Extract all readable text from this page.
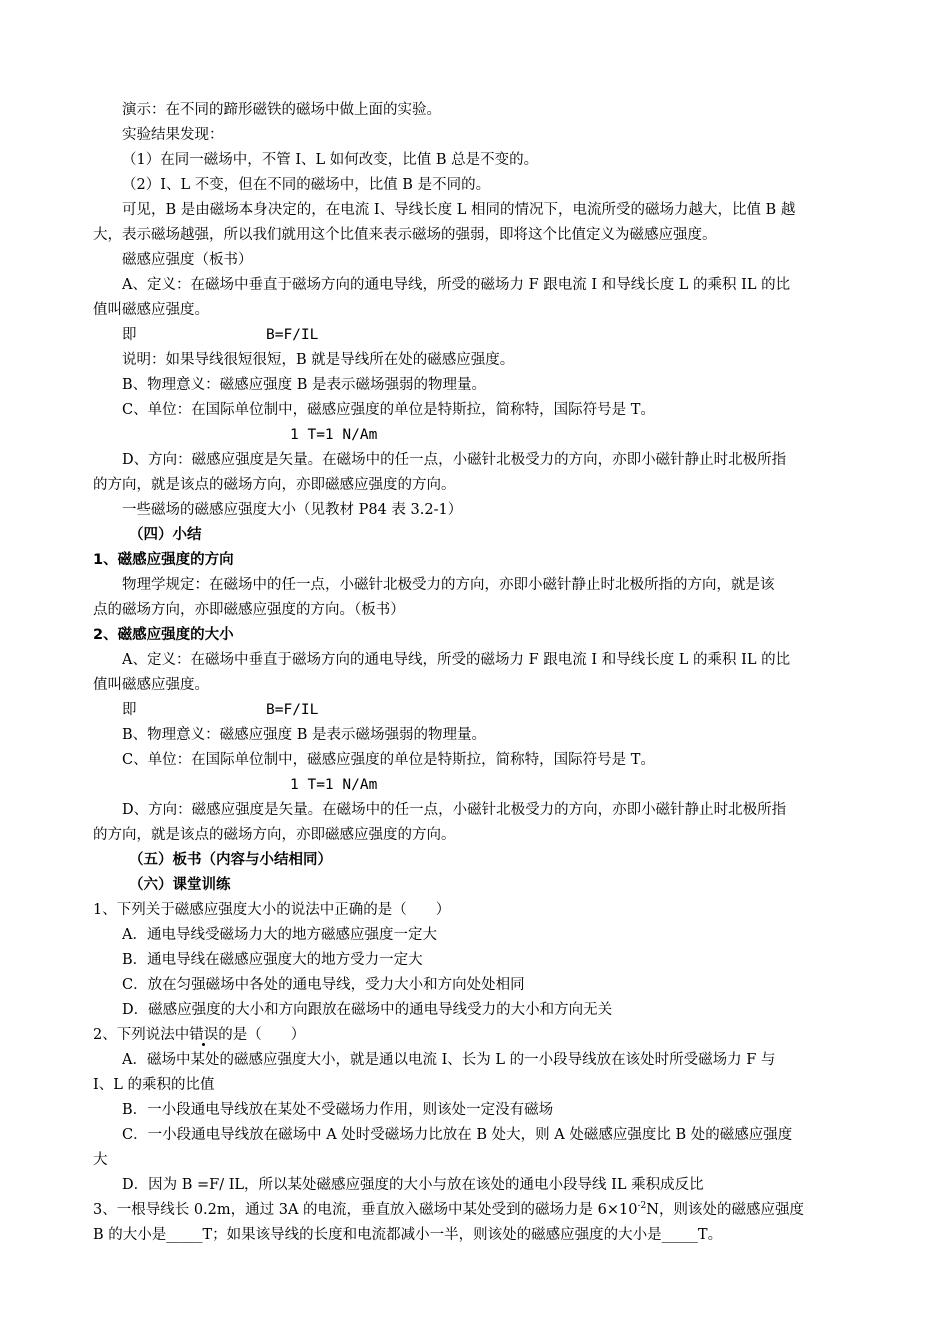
演示：在不同的蹄形磁铁的磁场中做上面的实验。
实验结果发现：
（1）在同一磁场中，不管 I、L 如何改变，比值 B 总是不变的。
（2）I、L 不变，但在不同的磁场中，比值 B 是不同的。
可见，B 是由磁场本身决定的，在电流 I、导线长度 L 相同的情况下，电流所受的磁场力越大，比值 B 越
大，表示磁场越强，所以我们就用这个比值来表示磁场的强弱，即将这个比值定义为磁感应强度。
磁感应强度（板书）
A、定义：在磁场中垂直于磁场方向的通电导线，所受的磁场力 F 跟电流 I 和导线长度 L 的乘积 IL 的比
值叫磁感应强度。
即	B=F/IL
说明：如果导线很短很短，B 就是导线所在处的磁感应强度。
B、物理意义：磁感应强度 B 是表示磁场强弱的物理量。
C、单位：在国际单位制中，磁感应强度的单位是特斯拉，简称特，国际符号是 T。
1 T=1 N/Am
D、方向：磁感应强度是矢量。在磁场中的任一点，小磁针北极受力的方向，亦即小磁针静止时北极所指
的方向，就是该点的磁场方向，亦即磁感应强度的方向。
一些磁场的磁感应强度大小（见教材 P84 表 3.2-1）
（四）小结
1、磁感应强度的方向
物理学规定：在磁场中的任一点，小磁针北极受力的方向，亦即小磁针静止时北极所指的方向，就是该
点的磁场方向，亦即磁感应强度的方向。（板书）
2、磁感应强度的大小
A、定义：在磁场中垂直于磁场方向的通电导线，所受的磁场力 F 跟电流 I 和导线长度 L 的乘积 IL 的比
值叫磁感应强度。
即	B=F/IL
B、物理意义：磁感应强度 B 是表示磁场强弱的物理量。
C、单位：在国际单位制中，磁感应强度的单位是特斯拉，简称特，国际符号是 T。
1 T=1 N/Am
D、方向：磁感应强度是矢量。在磁场中的任一点，小磁针北极受力的方向，亦即小磁针静止时北极所指
的方向，就是该点的磁场方向，亦即磁感应强度的方向。
（五）板书（内容与小结相同）
（六）课堂训练
1、下列关于磁感应强度大小的说法中正确的是（　　）
A．通电导线受磁场力大的地方磁感应强度一定大
B．通电导线在磁感应强度大的地方受力一定大
C．放在匀强磁场中各处的通电导线，受力大小和方向处处相同
D．磁感应强度的大小和方向跟放在磁场中的通电导线受力的大小和方向无关
2、下列说法中错误的是（　　）
A．磁场中某处的磁感应强度大小，就是通以电流 I、长为 L 的一小段导线放在该处时所受磁场力 F 与
I、L 的乘积的比值
B．一小段通电导线放在某处不受磁场力作用，则该处一定没有磁场
C．一小段通电导线放在磁场中 A 处时受磁场力比放在 B 处大，则 A 处磁感应强度比 B 处的磁感应强度
大
D．因为 B =F/ IL，所以某处磁感应强度的大小与放在该处的通电小段导线 IL 乘积成反比
3、一根导线长 0.2m，通过 3A 的电流，垂直放入磁场中某处受到的磁场力是 $6\times 10^{-2}N$，则该处的磁感应强度
B 的大小是_____T；如果该导线的长度和电流都减小一半，则该处的磁感应强度的大小是_____T。
